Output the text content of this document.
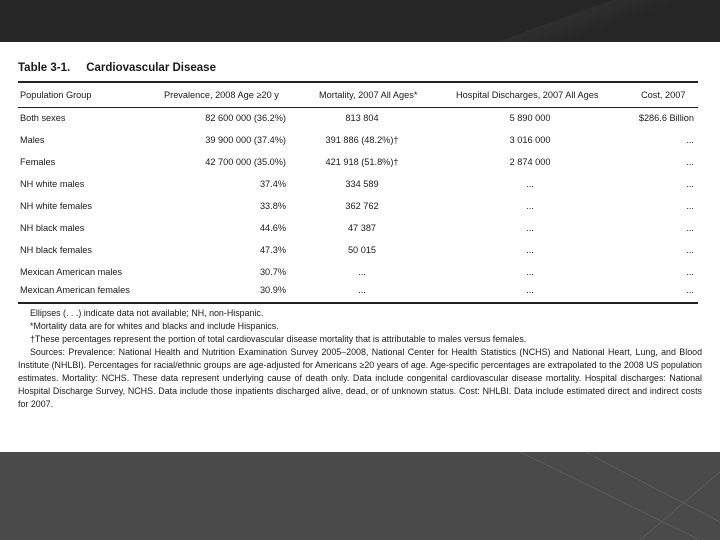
Table 3-1. Cardiovascular Disease
Population Group	Prevalence, 2008 Age ≥20 y	Mortality, 2007 All Ages*	Hospital Discharges, 2007 All Ages	Cost, 2007
Both sexes	82 600 000 (36.2%)	813 804	5 890 000	$286.6 Billion
Males	39 900 000 (37.4%)	391 886 (48.2%)†	3 016 000	...
Females	42 700 000 (35.0%)	421 918 (51.8%)†	2 874 000	...
NH white males	37.4%	334 589	...	...
NH white females	33.8%	362 762	...	...
NH black males	44.6%	47 387	...	...
NH black females	47.3%	50 015	...	...
Mexican American males	30.7%	...	...	...
Mexican American females	30.9%	...	...	...
Ellipses (. . .) indicate data not available; NH, non-Hispanic.
*Mortality data are for whites and blacks and include Hispanics.
†These percentages represent the portion of total cardiovascular disease mortality that is attributable to males versus females.
Sources: Prevalence: National Health and Nutrition Examination Survey 2005–2008, National Center for Health Statistics (NCHS) and National Heart, Lung, and Blood Institute (NHLBI). Percentages for racial/ethnic groups are age-adjusted for Americans ≥20 years of age. Age-specific percentages are extrapolated to the 2008 US population estimates. Mortality: NCHS. These data represent underlying cause of death only. Data include congenital cardiovascular disease mortality. Hospital discharges: National Hospital Discharge Survey, NCHS. Data include those inpatients discharged alive, dead, or of unknown status. Cost: NHLBI. Data include estimated direct and indirect costs for 2007.
